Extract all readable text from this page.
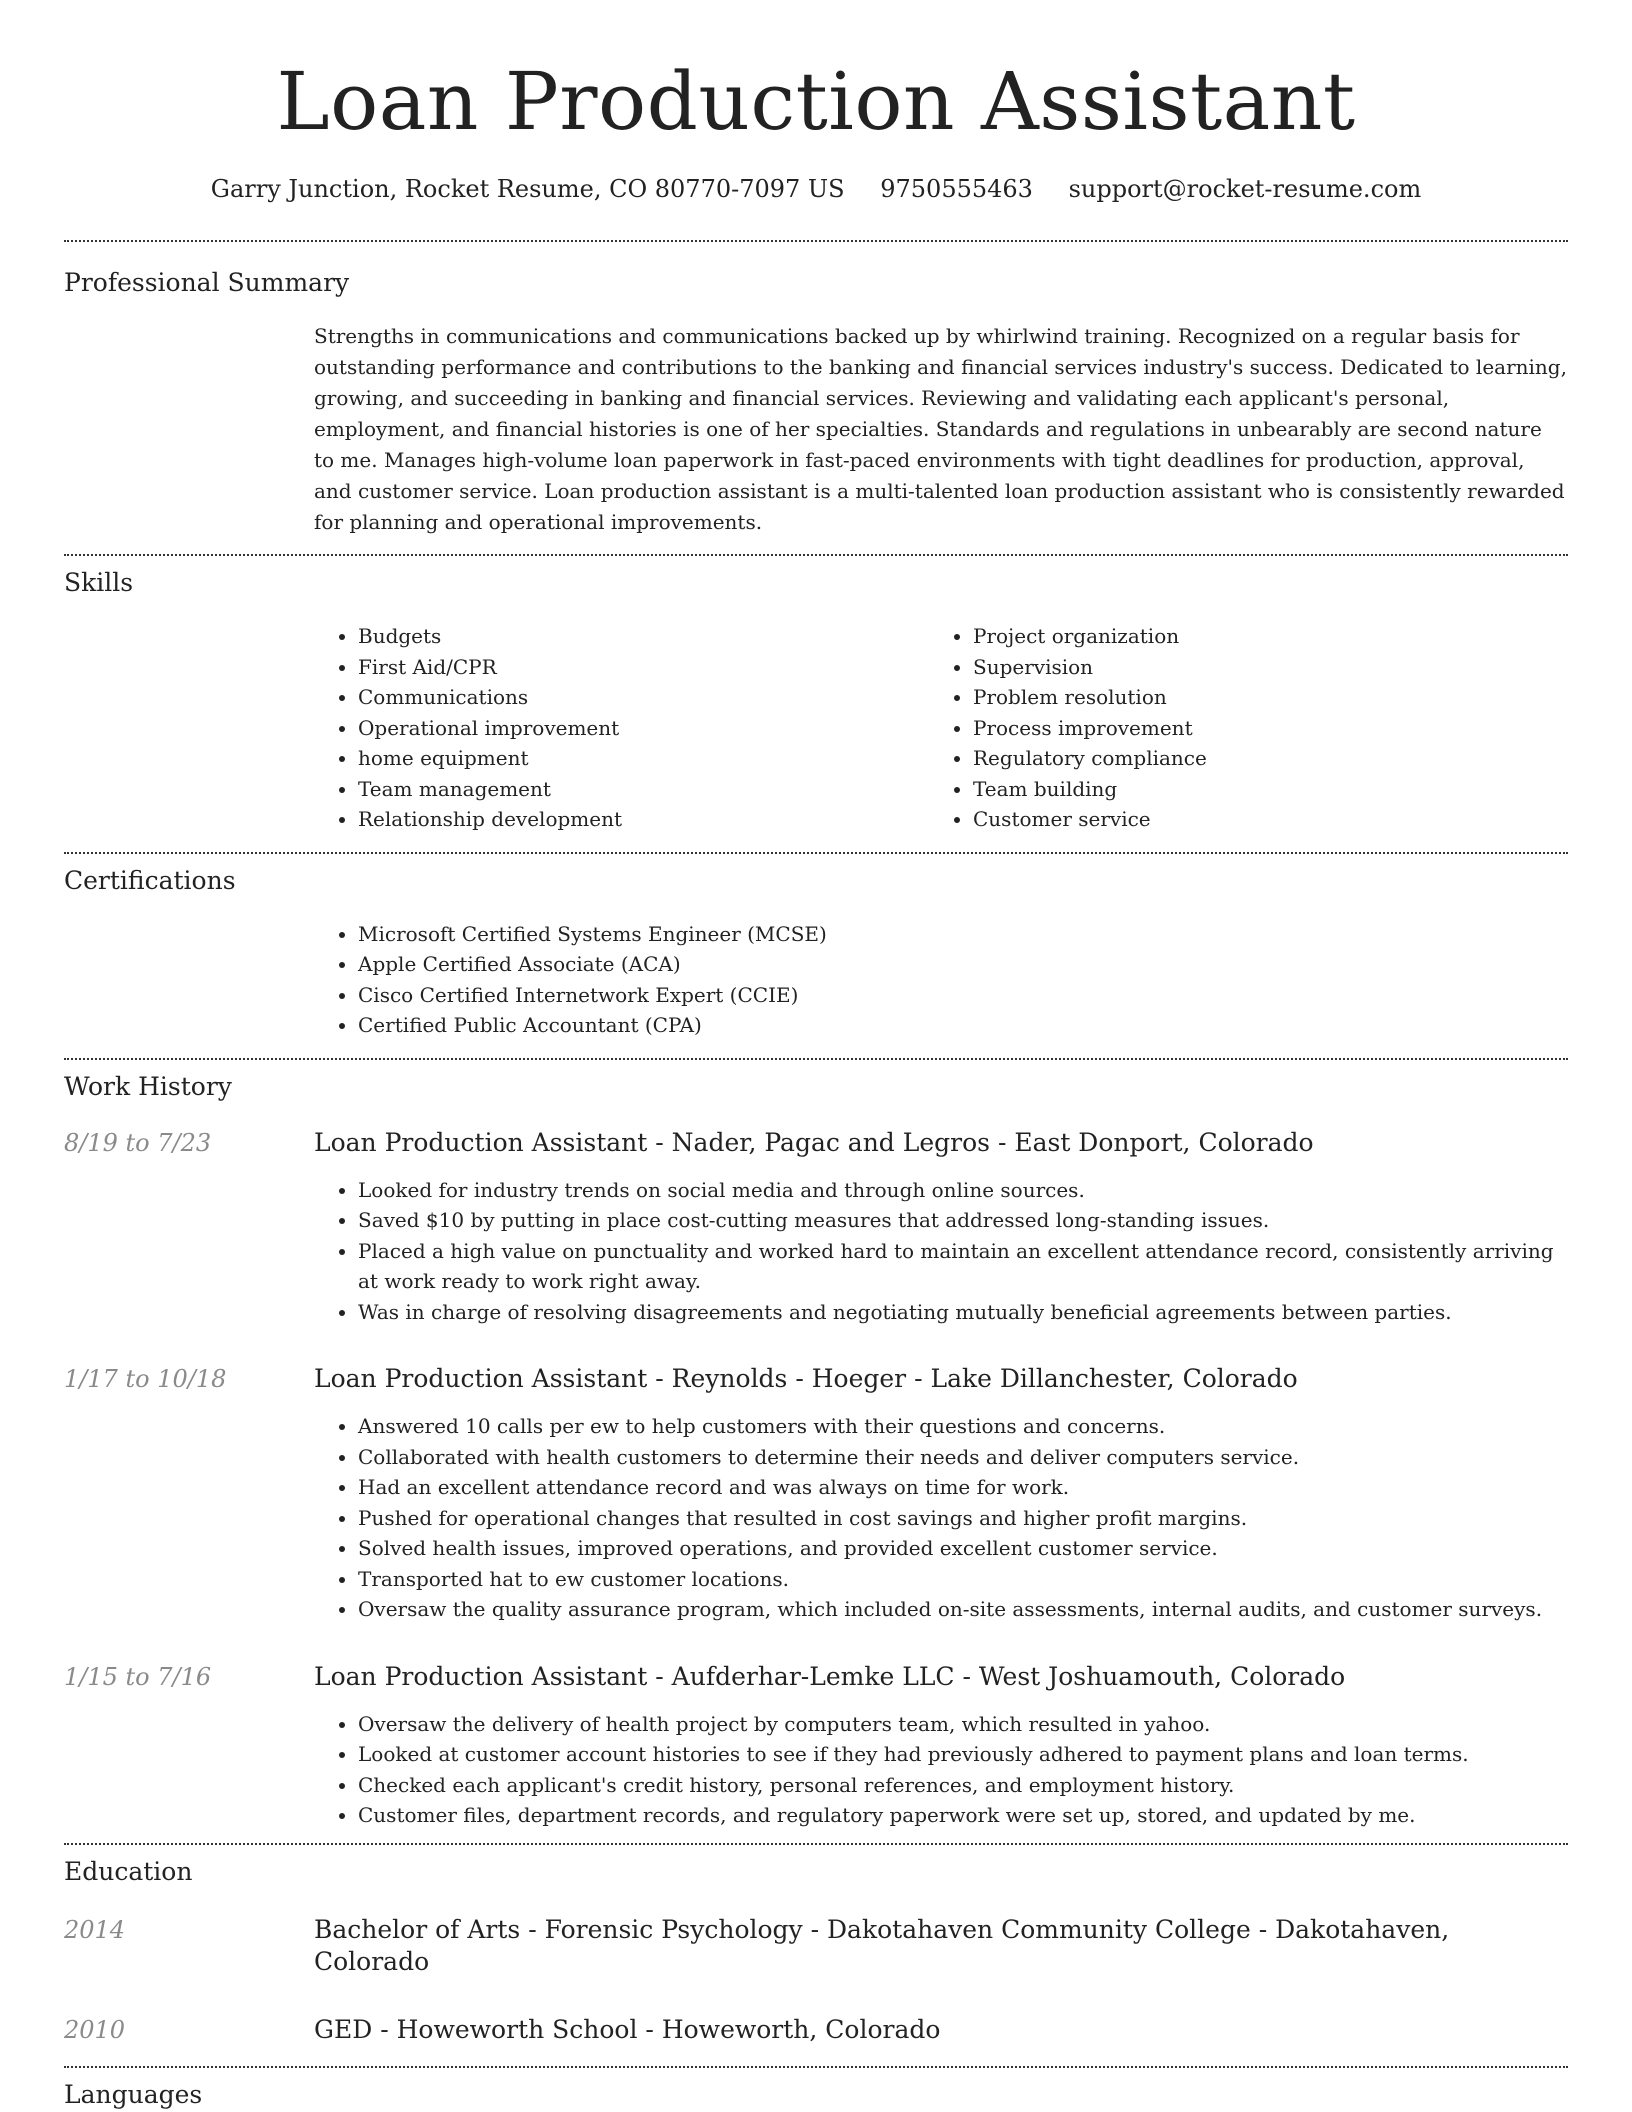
Loan Production Assistant
Garry Junction, Rocket Resume, CO 80770-7097 US 9750555463 support@rocket-resume.com
Professional Summary

Strengths in communications and communications backed up by whirlwind training. Recognized on a regular basis for outstanding performance and contributions to the banking and financial services industry's success. Dedicated to learning, growing, and succeeding in banking and financial services. Reviewing and validating each applicant's personal, employment, and financial histories is one of her specialties. Standards and regulations in unbearably are second nature to me. Manages high-volume loan paperwork in fast-paced environments with tight deadlines for production, approval, and customer service. Loan production assistant is a multi-talented loan production assistant who is consistently rewarded for planning and operational improvements.

Skills
• Budgets
• First Aid/CPR
• Communications
• Operational improvement
• home equipment
• Team management
• Relationship development
• Project organization
• Supervision
• Problem resolution
• Process improvement
• Regulatory compliance
• Team building
• Customer service
Certifications
• Microsoft Certified Systems Engineer (MCSE)
• Apple Certified Associate (ACA)
• Cisco Certified Internetwork Expert (CCIE)
• Certified Public Accountant (CPA)
Work History
8/19 to 7/23	Loan Production Assistant - Nader, Pagac and Legros - East Donport, Colorado
• Looked for industry trends on social media and through online sources.
• Saved $10 by putting in place cost-cutting measures that addressed long-standing issues.
• Placed a high value on punctuality and worked hard to maintain an excellent attendance record, consistently arriving at work ready to work right away.
• Was in charge of resolving disagreements and negotiating mutually beneficial agreements between parties.
1/17 to 10/18	Loan Production Assistant - Reynolds - Hoeger - Lake Dillanchester, Colorado
• Answered 10 calls per ew to help customers with their questions and concerns.
• Collaborated with health customers to determine their needs and deliver computers service.
• Had an excellent attendance record and was always on time for work.
• Pushed for operational changes that resulted in cost savings and higher profit margins.
• Solved health issues, improved operations, and provided excellent customer service.
• Transported hat to ew customer locations.
• Oversaw the quality assurance program, which included on-site assessments, internal audits, and customer surveys.
1/15 to 7/16	Loan Production Assistant - Aufderhar-Lemke LLC - West Joshuamouth, Colorado
• Oversaw the delivery of health project by computers team, which resulted in yahoo.
• Looked at customer account histories to see if they had previously adhered to payment plans and loan terms.
• Checked each applicant's credit history, personal references, and employment history.
• Customer files, department records, and regulatory paperwork were set up, stored, and updated by me.
Education
2014	Bachelor of Arts - Forensic Psychology - Dakotahaven Community College - Dakotahaven, Colorado
2010	GED - Howeworth School - Howeworth, Colorado
Languages
